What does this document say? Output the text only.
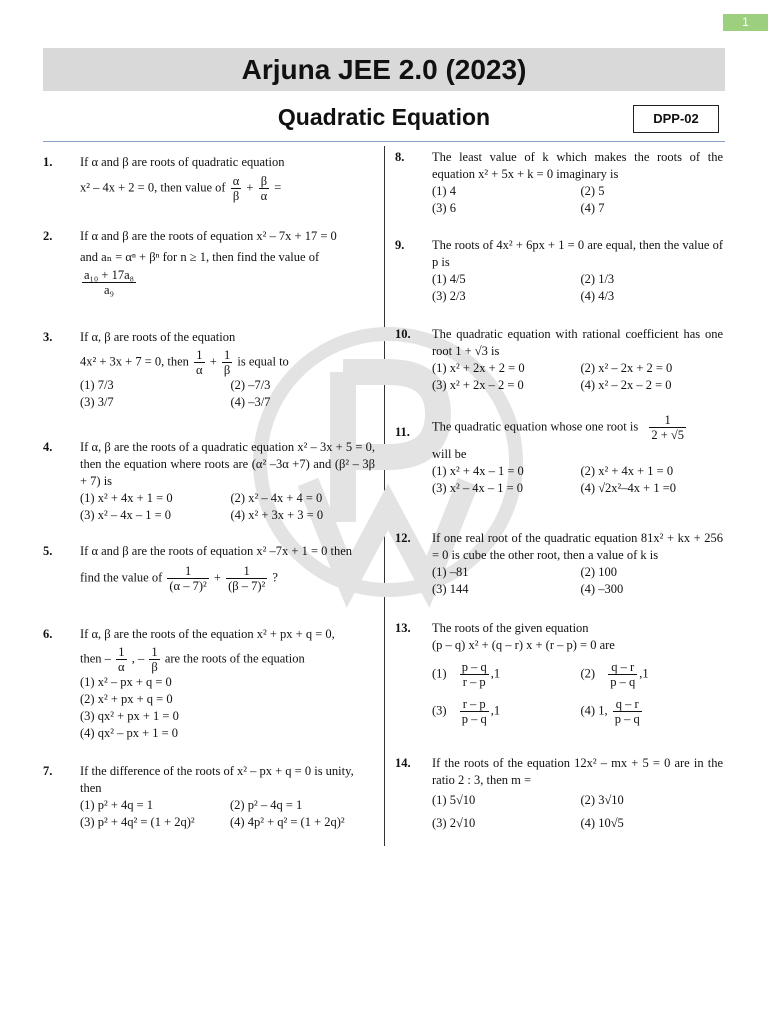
1
Arjuna JEE 2.0 (2023)
Quadratic Equation	DPP-02
1. If α and β are roots of quadratic equation
x² – 4x + 2 = 0, then value of $\frac{\alpha}{\beta} + \frac{\beta}{\alpha}$ =
2. If α and β are the roots of equation x² – 7x + 17 = 0
and aₙ = αⁿ + βⁿ for n ≥ 1, then find the value of
$\frac{\text{a₁₀ + 17a₈}}{\text{a₉}}$
3. If α, β are roots of the equation
4x² + 3x + 7 = 0, then $\frac{1}{\alpha} + \frac{1}{\beta}$ is equal to
(1) 7/3	(2) –7/3
(3) 3/7	(4) –3/7
4. If α, β are the roots of a quadratic equation x² – 3x + 5 = 0, then the equation where roots are (α² –3α +7) and (β² – 3β + 7) is
(1) x² + 4x + 1 = 0	(2) x² – 4x + 4 = 0
(3) x² – 4x – 1 = 0	(4) x² + 3x + 3 = 0
5. If α and β are the roots of equation x² –7x + 1 = 0 then
find the value of $\frac{1}{\text{(α – 7)²}} + \frac{1}{\text{(β – 7)²}}$ ?
6. If α, β are the roots of the equation x² + px + q = 0,
then – $\frac{1}{\alpha}$ , – $\frac{1}{\beta}$ are the roots of the equation
(1) x² – px + q = 0
(2) x² + px + q = 0
(3) qx² + px + 1 = 0
(4) qx² – px + 1 = 0
7. If the difference of the roots of x² – px + q = 0 is unity, then
(1) p² + 4q = 1	(2) p² – 4q = 1
(3) p² + 4q² = (1 + 2q)²	(4) 4p² + q² = (1 + 2q)²
8. The least value of k which makes the roots of the equation x² + 5x + k = 0 imaginary is
(1) 4	(2) 5
(3) 6	(4) 7
9. The roots of 4x² + 6px + 1 = 0 are equal, then the value of p is
(1) 4/5	(2) 1/3
(3) 2/3	(4) 4/3
10. The quadratic equation with rational coefficient has one root 1 + √3 is
(1) x² + 2x + 2 = 0	(2) x² – 2x + 2 = 0
(3) x² + 2x – 2 = 0	(4) x² – 2x – 2 = 0
11. The quadratic equation whose one root is $\frac{1}{2 + √5}$
will be
(1) x² + 4x – 1 = 0	(2) x² + 4x + 1 = 0
(3) x² – 4x – 1 = 0	(4) √2x²–4x + 1 =0
12. If one real root of the quadratic equation 81x² + kx + 256 = 0 is cube the other root, then a value of k is
(1) –81	(2) 100
(3) 144	(4) –300
13. The roots of the given equation
(p – q) x² + (q – r) x + (r – p) = 0 are
$(1) \frac{p - q}{r - p} ,1$	$(2) \frac{q - r}{p - q} ,1$
$(3) \frac{r - p}{p - q} ,1$	(4) 1, $\frac{q - r}{p - q}$
14. If the roots of the equation 12x² – mx + 5 = 0 are in the ratio 2 : 3, then m =
(1) 5√10	(2) 3√10
(3) 2√10	(4) 10√5
